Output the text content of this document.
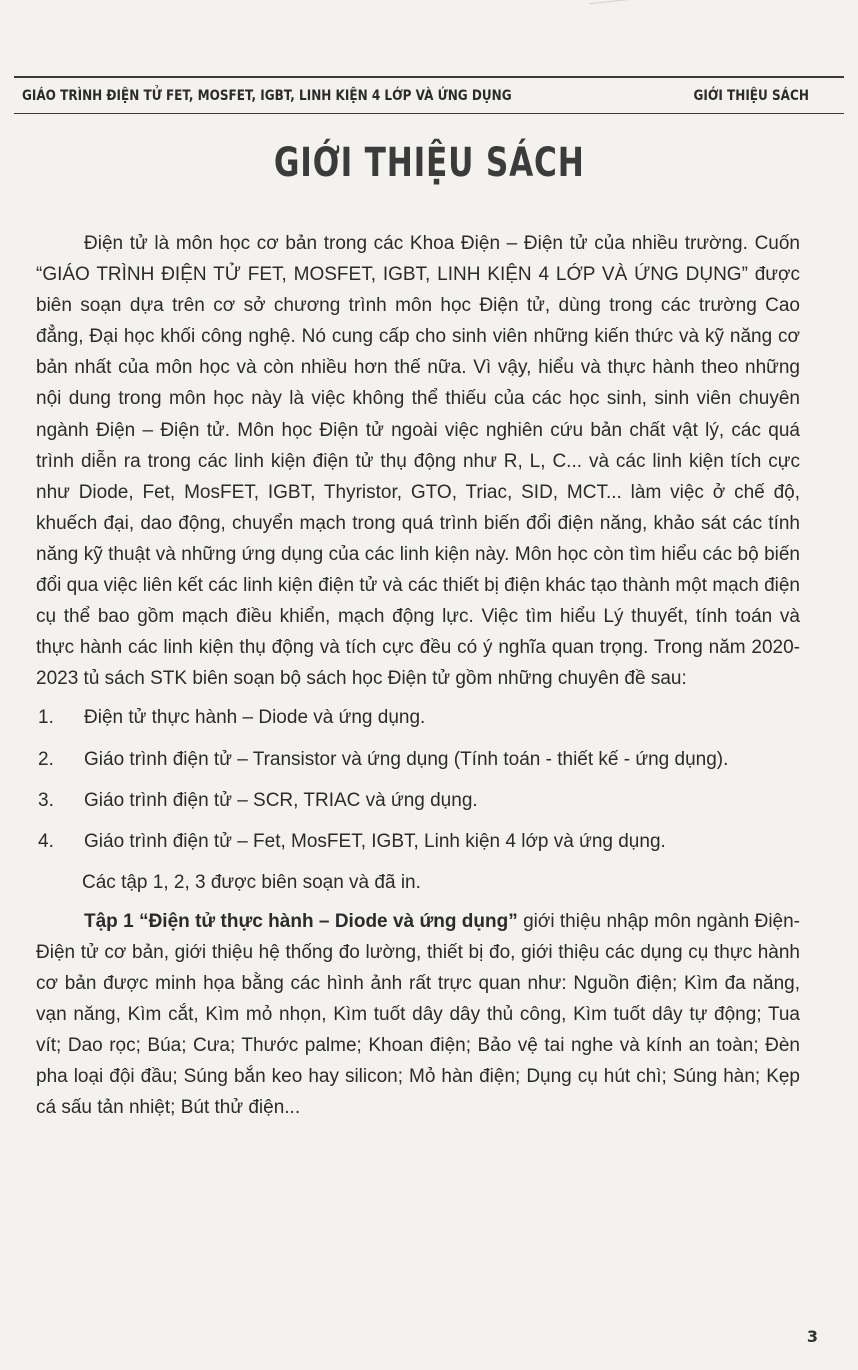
GIÁO TRÌNH ĐIỆN TỬ FET, MOSFET, IGBT, LINH KIỆN 4 LỚP VÀ ỨNG DỤNG	GIỚI THIỆU SÁCH
GIỚI THIỆU SÁCH

Điện tử là môn học cơ bản trong các Khoa Điện – Điện tử của nhiều trường. Cuốn “GIÁO TRÌNH ĐIỆN TỬ FET, MOSFET, IGBT, LINH KIỆN 4 LỚP VÀ ỨNG DỤNG” được biên soạn dựa trên cơ sở chương trình môn học Điện tử, dùng trong các trường Cao đẳng, Đại học khối công nghệ. Nó cung cấp cho sinh viên những kiến thức và kỹ năng cơ bản nhất của môn học và còn nhiều hơn thế nữa. Vì vậy, hiểu và thực hành theo những nội dung trong môn học này là việc không thể thiếu của các học sinh, sinh viên chuyên ngành Điện – Điện tử. Môn học Điện tử ngoài việc nghiên cứu bản chất vật lý, các quá trình diễn ra trong các linh kiện điện tử thụ động như R, L, C... và các linh kiện tích cực như Diode, Fet, MosFET, IGBT, Thyristor, GTO, Triac, SID, MCT... làm việc ở chế độ, khuếch đại, dao động, chuyển mạch trong quá trình biến đổi điện năng, khảo sát các tính năng kỹ thuật và những ứng dụng của các linh kiện này. Môn học còn tìm hiểu các bộ biến đổi qua việc liên kết các linh kiện điện tử và các thiết bị điện khác tạo thành một mạch điện cụ thể bao gồm mạch điều khiển, mạch động lực. Việc tìm hiểu Lý thuyết, tính toán và thực hành các linh kiện thụ động và tích cực đều có ý nghĩa quan trọng. Trong năm 2020-2023 tủ sách STK biên soạn bộ sách học Điện tử gồm những chuyên đề sau:

1.	Điện tử thực hành – Diode và ứng dụng.
2.	Giáo trình điện tử – Transistor và ứng dụng (Tính toán - thiết kế - ứng dụng).
3.	Giáo trình điện tử – SCR, TRIAC và ứng dụng.
4.	Giáo trình điện tử – Fet, MosFET, IGBT, Linh kiện 4 lớp và ứng dụng.

Các tập 1, 2, 3 được biên soạn và đã in.

Tập 1 “Điện tử thực hành – Diode và ứng dụng” giới thiệu nhập môn ngành Điện-Điện tử cơ bản, giới thiệu hệ thống đo lường, thiết bị đo, giới thiệu các dụng cụ thực hành cơ bản được minh họa bằng các hình ảnh rất trực quan như: Nguồn điện; Kìm đa năng, vạn năng, Kìm cắt, Kìm mỏ nhọn, Kìm tuốt dây dây thủ công, Kìm tuốt dây tự động; Tua vít; Dao rọc; Búa; Cưa; Thước palme; Khoan điện; Bảo vệ tai nghe và kính an toàn; Đèn pha loại đội đầu; Súng bắn keo hay silicon; Mỏ hàn điện; Dụng cụ hút chì; Súng hàn; Kẹp cá sấu tản nhiệt; Bút thử điện...

3
